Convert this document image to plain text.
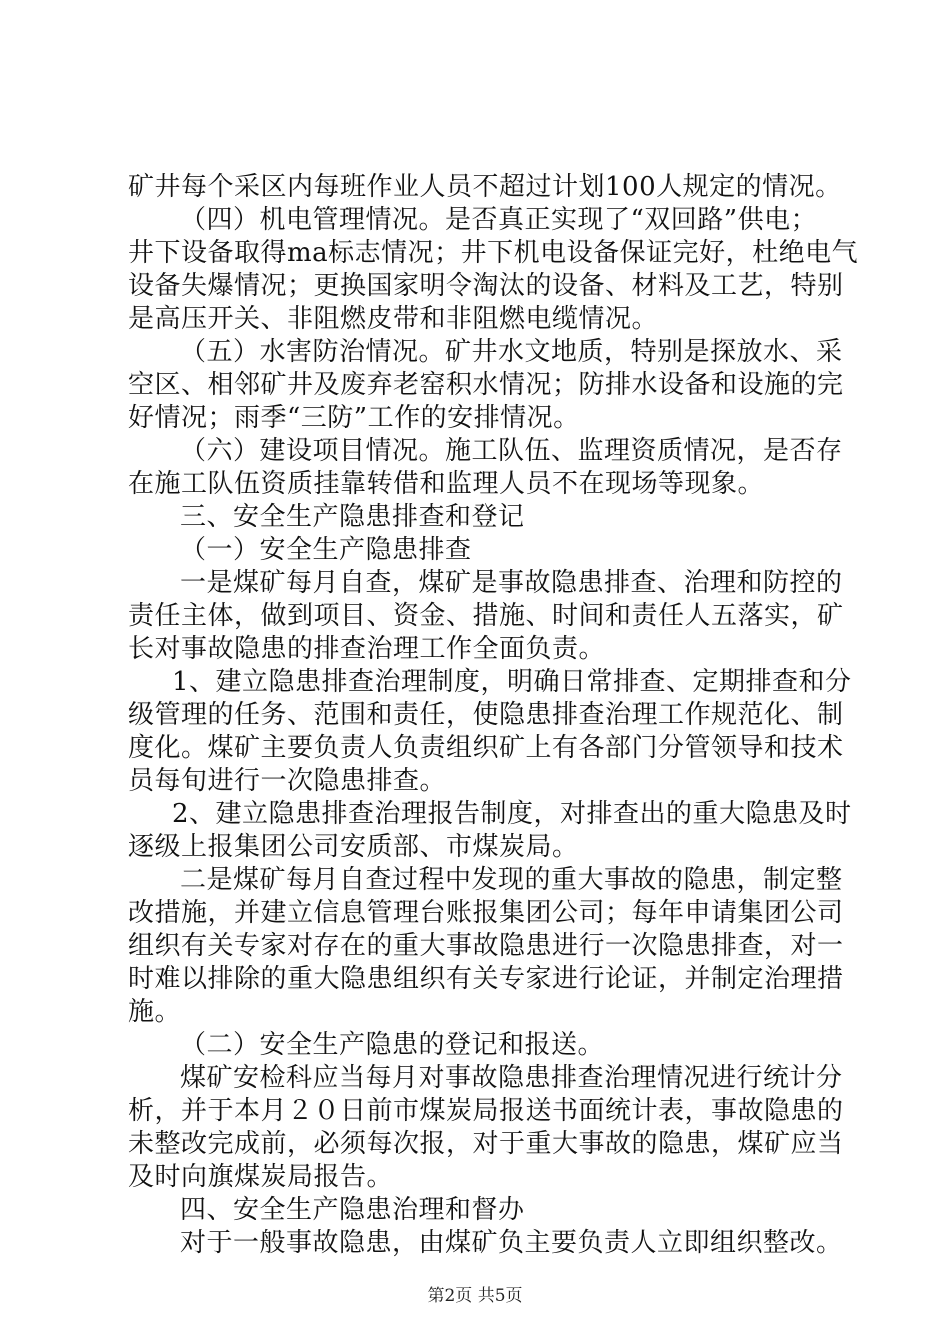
矿井每个采区内每班作业人员不超过计划100人规定的情况。
（四）机电管理情况。是否真正实现了“双回路”供电；
井下设备取得ma标志情况；井下机电设备保证完好，杜绝电气
设备失爆情况；更换国家明令淘汰的设备、材料及工艺，特别
是高压开关、非阻燃皮带和非阻燃电缆情况。
（五）水害防治情况。矿井水文地质，特别是探放水、采
空区、相邻矿井及废弃老窑积水情况；防排水设备和设施的完
好情况；雨季“三防”工作的安排情况。
（六）建设项目情况。施工队伍、监理资质情况，是否存
在施工队伍资质挂靠转借和监理人员不在现场等现象。
三、安全生产隐患排查和登记
（一）安全生产隐患排查
一是煤矿每月自查，煤矿是事故隐患排查、治理和防控的
责任主体，做到项目、资金、措施、时间和责任人五落实，矿
长对事故隐患的排查治理工作全面负责。
1、建立隐患排查治理制度，明确日常排查、定期排查和分
级管理的任务、范围和责任，使隐患排查治理工作规范化、制
度化。煤矿主要负责人负责组织矿上有各部门分管领导和技术
员每旬进行一次隐患排查。
2、建立隐患排查治理报告制度，对排查出的重大隐患及时
逐级上报集团公司安质部、市煤炭局。
二是煤矿每月自查过程中发现的重大事故的隐患，制定整
改措施，并建立信息管理台账报集团公司；每年申请集团公司
组织有关专家对存在的重大事故隐患进行一次隐患排查，对一
时难以排除的重大隐患组织有关专家进行论证，并制定治理措
施。
（二）安全生产隐患的登记和报送。
煤矿安检科应当每月对事故隐患排查治理情况进行统计分
析，并于本月２０日前市煤炭局报送书面统计表，事故隐患的
未整改完成前，必须每次报，对于重大事故的隐患，煤矿应当
及时向旗煤炭局报告。
四、安全生产隐患治理和督办
对于一般事故隐患，由煤矿负主要负责人立即组织整改。
第2页 共5页
